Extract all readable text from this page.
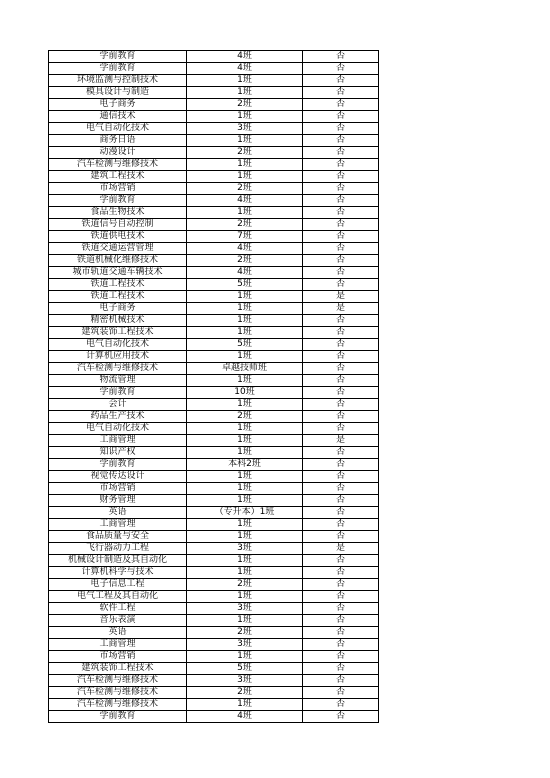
学前教育	4班	否
学前教育	4班	否
环境监测与控制技术	1班	否
模具设计与制造	1班	否
电子商务	2班	否
通信技术	1班	否
电气自动化技术	3班	否
商务日语	1班	否
动漫设计	2班	否
汽车检测与维修技术	1班	否
建筑工程技术	1班	否
市场营销	2班	否
学前教育	4班	否
食品生物技术	1班	否
铁道信号自动控制	2班	否
铁道供电技术	7班	否
铁道交通运营管理	4班	否
铁道机械化维修技术	2班	否
城市轨道交通车辆技术	4班	否
铁道工程技术	5班	否
铁道工程技术	1班	是
电子商务	1班	是
精密机械技术	1班	否
建筑装饰工程技术	1班	否
电气自动化技术	5班	否
计算机应用技术	1班	否
汽车检测与维修技术	卓越技师班	否
物流管理	1班	否
学前教育	10班	否
会计	1班	否
药品生产技术	2班	否
电气自动化技术	1班	否
工商管理	1班	是
知识产权	1班	否
学前教育	本科2班	否
视觉传达设计	1班	否
市场营销	1班	否
财务管理	1班	否
英语	（专升本）1班	否
工商管理	1班	否
食品质量与安全	1班	否
飞行器动力工程	3班	是
机械设计制造及其自动化	1班	否
计算机科学与技术	1班	否
电子信息工程	2班	否
电气工程及其自动化	1班	否
软件工程	3班	否
音乐表演	1班	否
英语	2班	否
工商管理	3班	否
市场营销	1班	否
建筑装饰工程技术	5班	否
汽车检测与维修技术	3班	否
汽车检测与维修技术	2班	否
汽车检测与维修技术	1班	否
学前教育	4班	否
